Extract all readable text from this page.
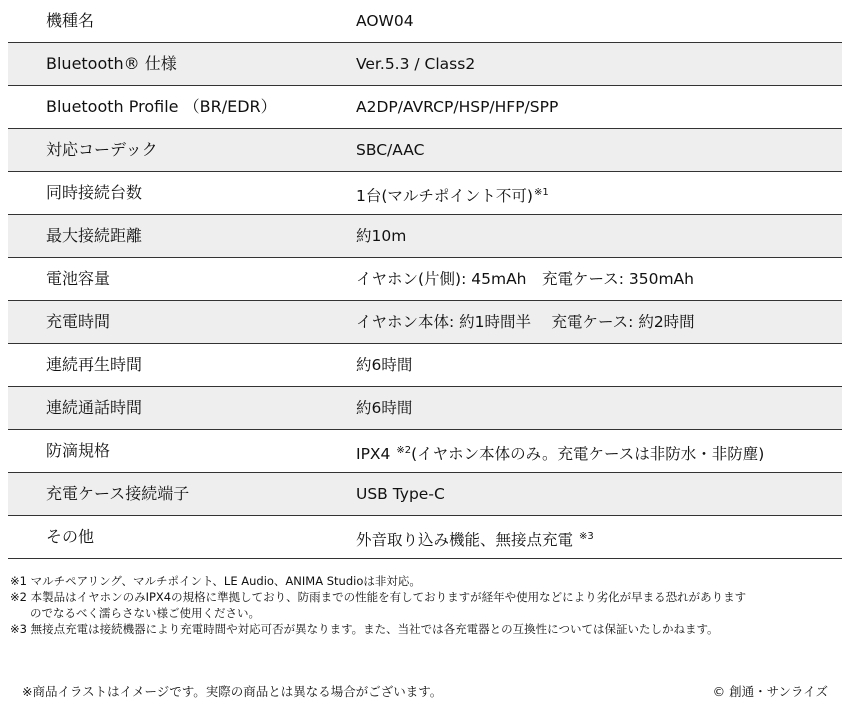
機種名	AOW04
Bluetooth® 仕様	Ver.5.3 / Class2
Bluetooth Profile （BR/EDR）	A2DP/AVRCP/HSP/HFP/SPP
対応コーデック	SBC/AAC
同時接続台数	1台(マルチポイント不可)$^{※1}$
最大接続距離	約10m
電池容量	イヤホン(片側): 45mAh　充電ケース: 350mAh
充電時間	イヤホン本体: 約1時間半　 充電ケース: 約2時間
連続再生時間	約6時間
連続通話時間	約6時間
防滴規格	IPX4 $^{※2}$(イヤホン本体のみ。充電ケースは非防水・非防塵)
充電ケース接続端子	USB Type-C
その他	外音取り込み機能、無接点充電 $^{※3}$
※1 マルチペアリング、マルチポイント、LE Audio、ANIMA Studioは非対応。
※2 本製品はイヤホンのみIPX4の規格に準拠しており、防雨までの性能を有しておりますが経年や使用などにより劣化が早まる恐れがあります
のでなるべく濡らさない様ご使用ください。
※3 無接点充電は接続機器により充電時間や対応可否が異なります。また、当社では各充電器との互換性については保証いたしかねます。
※商品イラストはイメージです。実際の商品とは異なる場合がございます。	© 創通・サンライズ
